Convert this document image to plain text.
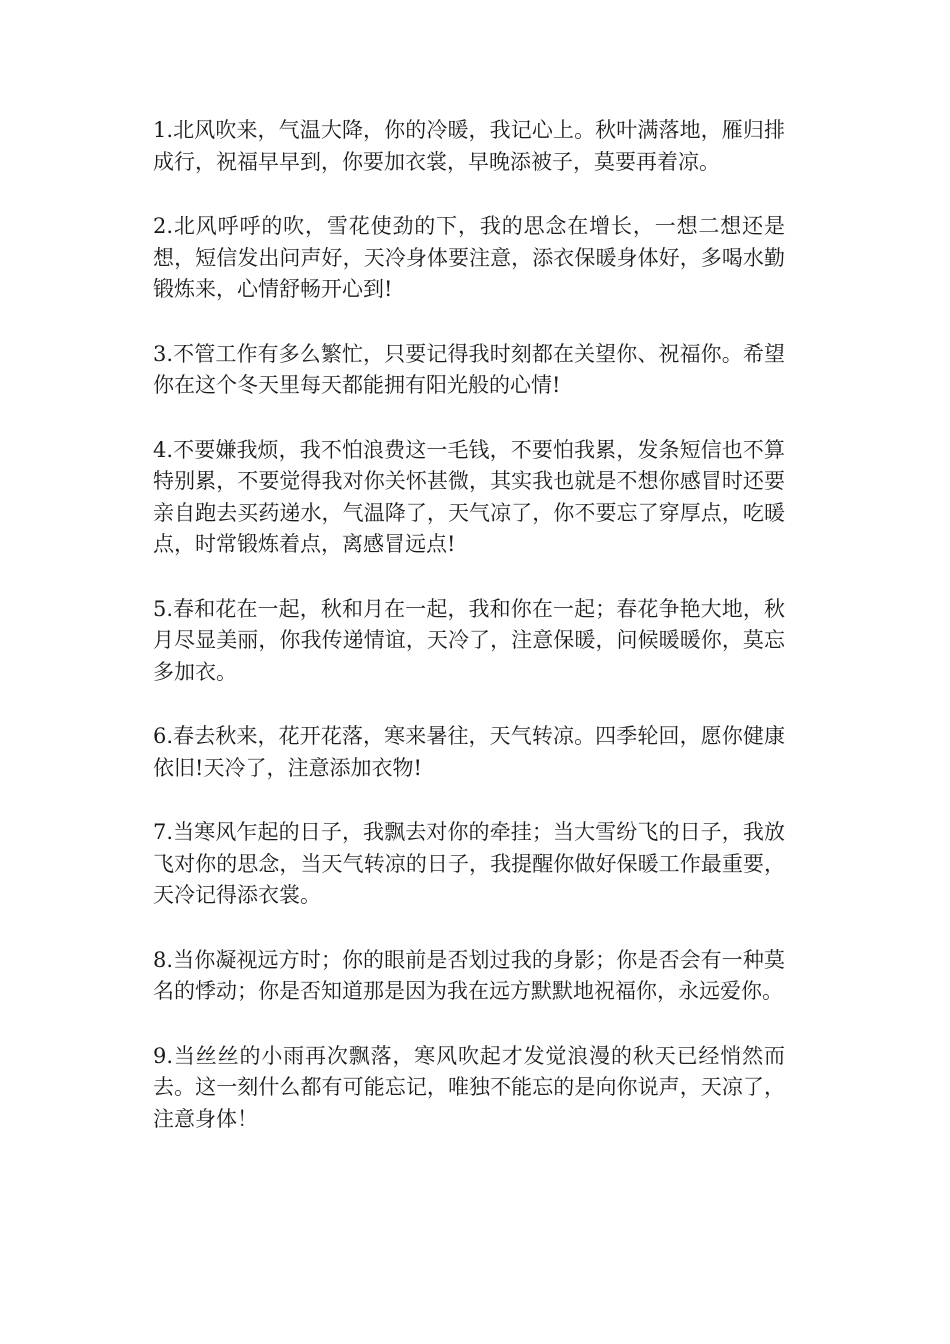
1.北风吹来，气温大降，你的冷暖，我记心上。秋叶满落地，雁归排成行，祝福早早到，你要加衣裳，早晚添被子，莫要再着凉。

2.北风呼呼的吹，雪花使劲的下，我的思念在增长，一想二想还是想，短信发出问声好，天冷身体要注意，添衣保暖身体好，多喝水勤锻炼来，心情舒畅开心到!

3.不管工作有多么繁忙，只要记得我时刻都在关望你、祝福你。希望你在这个冬天里每天都能拥有阳光般的心情!

4.不要嫌我烦，我不怕浪费这一毛钱，不要怕我累，发条短信也不算特别累，不要觉得我对你关怀甚微，其实我也就是不想你感冒时还要亲自跑去买药递水，气温降了，天气凉了，你不要忘了穿厚点，吃暖点，时常锻炼着点，离感冒远点!

5.春和花在一起，秋和月在一起，我和你在一起；春花争艳大地，秋月尽显美丽，你我传递情谊，天冷了，注意保暖，问候暖暖你，莫忘多加衣。

6.春去秋来，花开花落，寒来暑往，天气转凉。四季轮回，愿你健康依旧!天冷了，注意添加衣物!

7.当寒风乍起的日子，我飘去对你的牵挂；当大雪纷飞的日子，我放飞对你的思念，当天气转凉的日子，我提醒你做好保暖工作最重要，天冷记得添衣裳。

8.当你凝视远方时；你的眼前是否划过我的身影；你是否会有一种莫名的悸动；你是否知道那是因为我在远方默默地祝福你，永远爱你。

9.当丝丝的小雨再次飘落，寒风吹起才发觉浪漫的秋天已经悄然而去。这一刻什么都有可能忘记，唯独不能忘的是向你说声，天凉了，注意身体！
